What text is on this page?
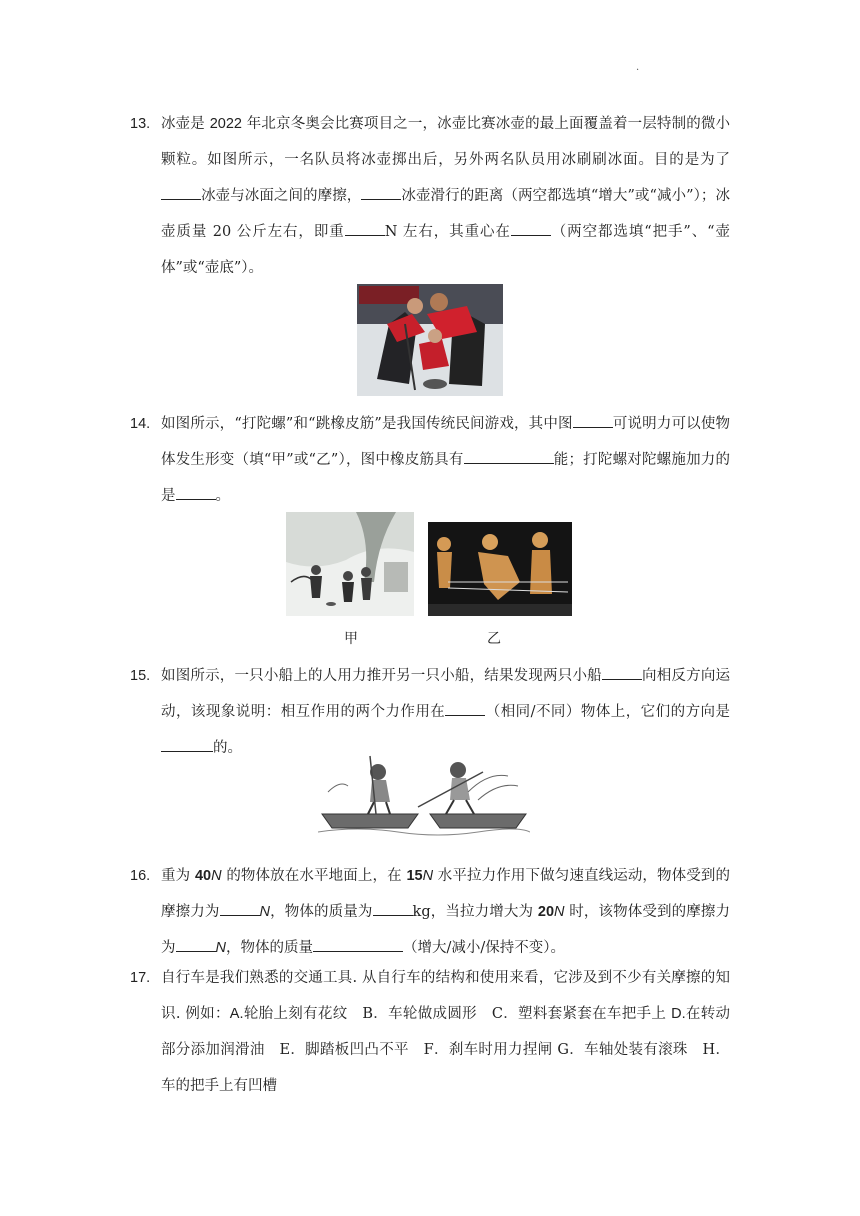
.
13. 冰壶是 2022 年北京冬奥会比赛项目之一，冰壶比赛冰壶的最上面覆盖着一层特制的微小颗粒。如图所示，一名队员将冰壶掷出后，另外两名队员用冰刷刷冰面。目的是为了冰壶与冰面之间的摩擦，	冰壶滑行的距离（两空都选填“增大”或“减小”）；冰壶质量 20 公斤左右，即重	N 左右，其重心在	（两空都选填“把手”、“壶体”或“壶底”）。
14. 如图所示，“打陀螺”和“跳橡皮筋”是我国传统民间游戏，其中图	可说明力可以使物体发生形变（填“甲”或“乙”），图中橡皮筋具有	能；打陀螺对陀螺施加力的是	。
甲	乙
15. 如图所示，一只小船上的人用力推开另一只小船，结果发现两只小船	向相反方向运动，该现象说明：相互作用的两个力作用在	（相同/不同）物体上，它们的方向是的。
16. 重为 40N 的物体放在水平地面上，在 15N 水平拉力作用下做匀速直线运动，物体受到的摩擦力为	N，物体的质量为	kg，当拉力增大为 20N 时，该物体受到的摩擦力为	N，物体的质量	（增大/减小/保持不变）。
17. 自行车是我们熟悉的交通工具. 从自行车的结构和使用来看，它涉及到不少有关摩擦的知识. 例如：A.轮胎上刻有花纹　B．车轮做成圆形　C．塑料套紧套在车把手上 D.在转动部分添加润滑油　E．脚踏板凹凸不平　F．刹车时用力捏闸 G．车轴处装有滚珠　H．车的把手上有凹槽
